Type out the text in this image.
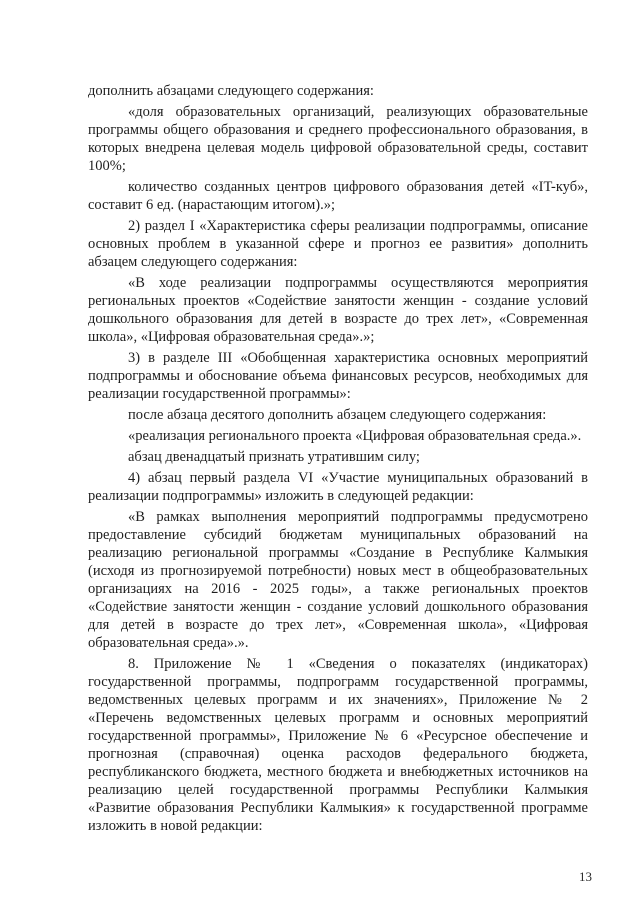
дополнить абзацами следующего содержания:

«доля образовательных организаций, реализующих образовательные программы общего образования и среднего профессионального образования, в которых внедрена целевая модель цифровой образовательной среды, составит 100%;

количество созданных центров цифрового образования детей «IT-куб», составит 6 ед. (нарастающим итогом).»;

2) раздел I «Характеристика сферы реализации подпрограммы, описание основных проблем в указанной сфере и прогноз ее развития» дополнить абзацем следующего содержания:

«В ходе реализации подпрограммы осуществляются мероприятия региональных проектов «Содействие занятости женщин - создание условий дошкольного образования для детей в возрасте до трех лет», «Современная школа», «Цифровая образовательная среда».»;

3) в разделе III «Обобщенная характеристика основных мероприятий подпрограммы и обоснование объема финансовых ресурсов, необходимых для реализации государственной программы»:

после абзаца десятого дополнить абзацем следующего содержания:

«реализация регионального проекта «Цифровая образовательная среда.».

абзац двенадцатый признать утратившим силу;

4) абзац первый раздела VI «Участие муниципальных образований в реализации подпрограммы» изложить в следующей редакции:

«В рамках выполнения мероприятий подпрограммы предусмотрено предоставление субсидий бюджетам муниципальных образований на реализацию региональной программы «Создание в Республике Калмыкия (исходя из прогнозируемой потребности) новых мест в общеобразовательных организациях на 2016 - 2025 годы», а также региональных проектов «Содействие занятости женщин - создание условий дошкольного образования для детей в возрасте до трех лет», «Современная школа», «Цифровая образовательная среда».».

8. Приложение № 1 «Сведения о показателях (индикаторах) государственной программы, подпрограмм государственной программы, ведомственных целевых программ и их значениях», Приложение № 2 «Перечень ведомственных целевых программ и основных мероприятий государственной программы», Приложение № 6 «Ресурсное обеспечение и прогнозная (справочная) оценка расходов федерального бюджета, республиканского бюджета, местного бюджета и внебюджетных источников на реализацию целей государственной программы Республики Калмыкия «Развитие образования Республики Калмыкия» к государственной программе изложить в новой редакции:

13
